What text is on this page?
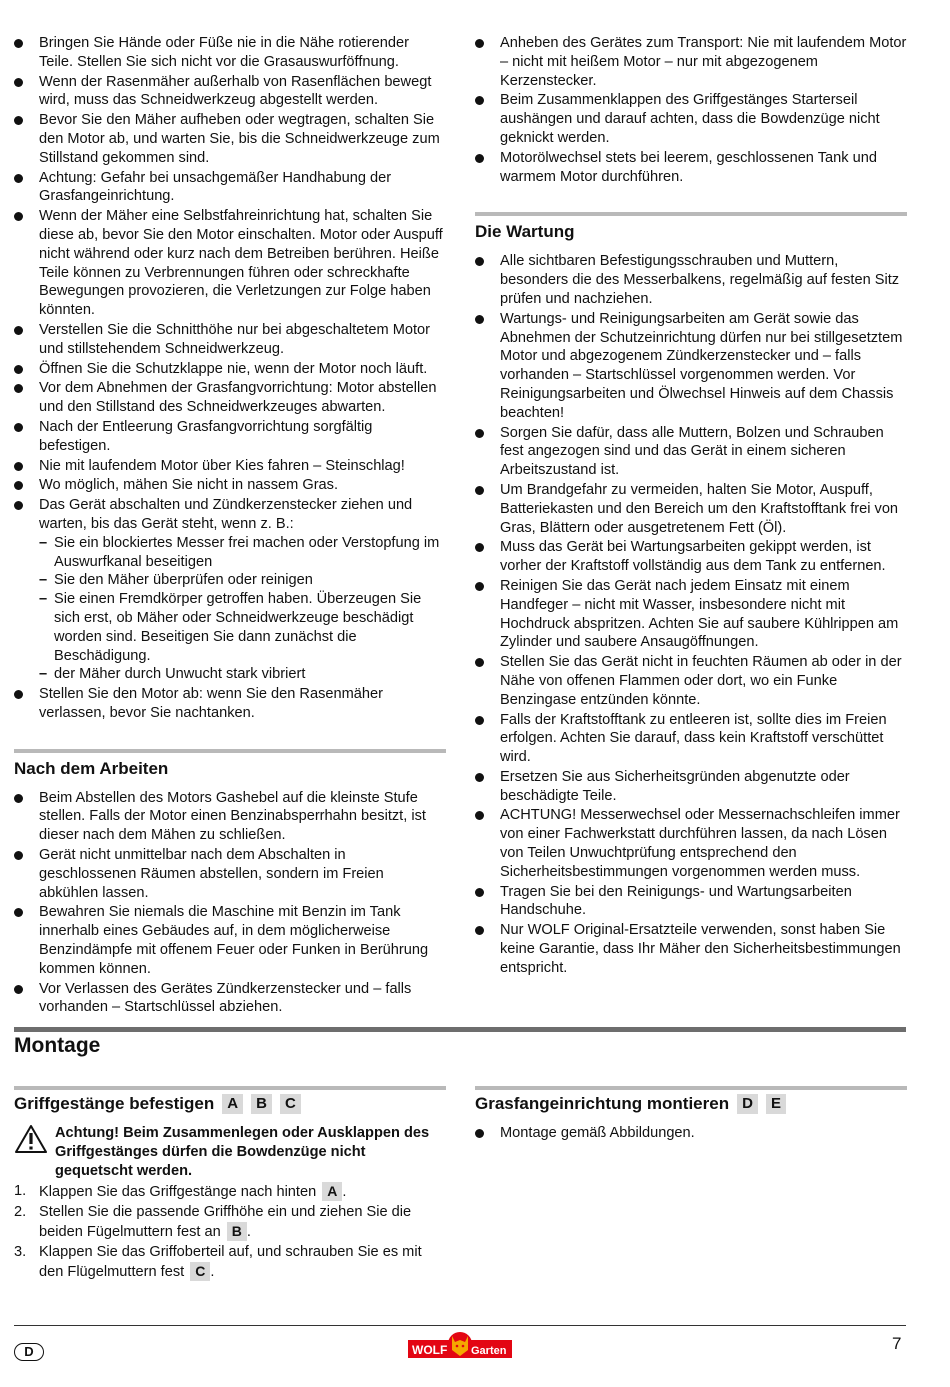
Bringen Sie Hände oder Füße nie in die Nähe rotierender Teile. Stellen Sie sich nicht vor die Grasauswurföffnung.
Wenn der Rasenmäher außerhalb von Rasenflächen bewegt wird, muss das Schneidwerkzeug abgestellt werden.
Bevor Sie den Mäher aufheben oder wegtragen, schalten Sie den Motor ab, und warten Sie, bis die Schneidwerkzeuge zum Stillstand gekommen sind.
Achtung: Gefahr bei unsachgemäßer Handhabung der Grasfangeinrichtung.
Wenn der Mäher eine Selbstfahreinrichtung hat, schalten Sie diese ab, bevor Sie den Motor einschalten. Motor oder Auspuff nicht während oder kurz nach dem Betreiben berühren. Heiße Teile können zu Verbrennungen führen oder schreckhafte Bewegungen provozieren, die Verletzungen zur Folge haben könnten.
Verstellen Sie die Schnitthöhe nur bei abgeschaltetem Motor und stillstehendem Schneidwerkzeug.
Öffnen Sie die Schutzklappe nie, wenn der Motor noch läuft.
Vor dem Abnehmen der Grasfangvorrichtung: Motor abstellen und den Stillstand des Schneidwerkzeuges abwarten.
Nach der Entleerung Grasfangvorrichtung sorgfältig befestigen.
Nie mit laufendem Motor über Kies fahren – Steinschlag!
Wo möglich, mähen Sie nicht in nassem Gras.
Das Gerät abschalten und Zündkerzenstecker ziehen und warten, bis das Gerät steht, wenn z. B.:
– Sie ein blockiertes Messer frei machen oder Verstopfung im Auswurfkanal beseitigen
– Sie den Mäher überprüfen oder reinigen
– Sie einen Fremdkörper getroffen haben. Überzeugen Sie sich erst, ob Mäher oder Schneidwerkzeuge beschädigt worden sind. Beseitigen Sie dann zunächst die Beschädigung.
– der Mäher durch Unwucht stark vibriert
Stellen Sie den Motor ab: wenn Sie den Rasenmäher verlassen, bevor Sie nachtanken.
Nach dem Arbeiten
Beim Abstellen des Motors Gashebel auf die kleinste Stufe stellen. Falls der Motor einen Benzinabsperrhahn besitzt, ist dieser nach dem Mähen zu schließen.
Gerät nicht unmittelbar nach dem Abschalten in geschlossenen Räumen abstellen, sondern im Freien abkühlen lassen.
Bewahren Sie niemals die Maschine mit Benzin im Tank innerhalb eines Gebäudes auf, in dem möglicherweise Benzindämpfe mit offenem Feuer oder Funken in Berührung kommen können.
Vor Verlassen des Gerätes Zündkerzenstecker und – falls vorhanden – Startschlüssel abziehen.
Anheben des Gerätes zum Transport: Nie mit laufendem Motor – nicht mit heißem Motor – nur mit abgezogenem Kerzenstecker.
Beim Zusammenklappen des Griffgestänges Starterseil aushängen und darauf achten, dass die Bowdenzüge nicht geknickt werden.
Motorölwechsel stets bei leerem, geschlossenen Tank und warmem Motor durchführen.
Die Wartung
Alle sichtbaren Befestigungsschrauben und Muttern, besonders die des Messerbalkens, regelmäßig auf festen Sitz prüfen und nachziehen.
Wartungs- und Reinigungsarbeiten am Gerät sowie das Abnehmen der Schutzeinrichtung dürfen nur bei stillgesetztem Motor und abgezogenem Zündkerzenstecker und – falls vorhanden – Startschlüssel vorgenommen werden. Vor Reinigungsarbeiten und Ölwechsel Hinweis auf dem Chassis beachten!
Sorgen Sie dafür, dass alle Muttern, Bolzen und Schrauben fest angezogen sind und das Gerät in einem sicheren Arbeitszustand ist.
Um Brandgefahr zu vermeiden, halten Sie Motor, Auspuff, Batteriekasten und den Bereich um den Kraftstofftank frei von Gras, Blättern oder ausgetretenem Fett (Öl).
Muss das Gerät bei Wartungsarbeiten gekippt werden, ist vorher der Kraftstoff vollständig aus dem Tank zu entfernen.
Reinigen Sie das Gerät nach jedem Einsatz mit einem Handfeger – nicht mit Wasser, insbesondere nicht mit Hochdruck abspritzen. Achten Sie auf saubere Kühlrippen am Zylinder und saubere Ansaugöffnungen.
Stellen Sie das Gerät nicht in feuchten Räumen ab oder in der Nähe von offenen Flammen oder dort, wo ein Funke Benzingase entzünden könnte.
Falls der Kraftstofftank zu entleeren ist, sollte dies im Freien erfolgen. Achten Sie darauf, dass kein Kraftstoff verschüttet wird.
Ersetzen Sie aus Sicherheitsgründen abgenutzte oder beschädigte Teile.
ACHTUNG! Messerwechsel oder Messernachschleifen immer von einer Fachwerkstatt durchführen lassen, da nach Lösen von Teilen Unwuchtprüfung entsprechend den Sicherheitsbestimmungen vorgenommen werden muss.
Tragen Sie bei den Reinigungs- und Wartungsarbeiten Handschuhe.
Nur WOLF Original-Ersatzteile verwenden, sonst haben Sie keine Garantie, dass Ihr Mäher den Sicherheitsbestimmungen entspricht.
Montage
Griffgestänge befestigen A	B	C
Achtung! Beim Zusammenlegen oder Ausklappen des Griffgestänges dürfen die Bowdenzüge nicht gequetscht werden.
1. Klappen Sie das Griffgestänge nach hinten A .
2. Stellen Sie die passende Griffhöhe ein und ziehen Sie die beiden Fügelmuttern fest an B .
3. Klappen Sie das Griffoberteil auf, und schrauben Sie es mit den Flügelmuttern fest C .
Grasfangeinrichtung montieren D	E
Montage gemäß Abbildungen.
D	WOLF Garten	7
